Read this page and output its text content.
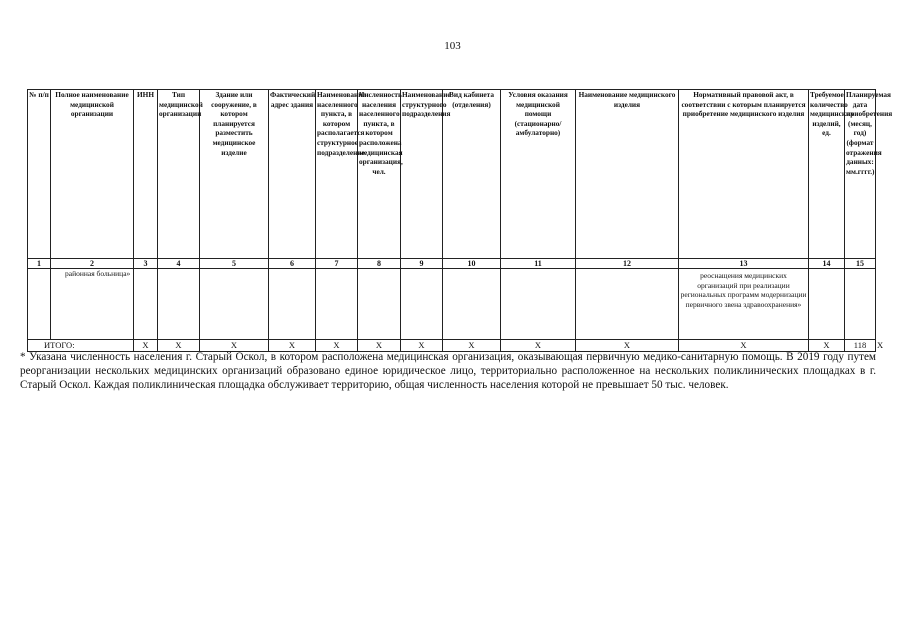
103
№ п/п	Полное наименование медицинской организации	ИНН	Тип медицинской организации	Здание или сооружение, в котором планируется разместить медицинское изделие	Фактический адрес здания	Наименование населенного пункта, в котором располагается структурное подразделение	Численность населения населенного пункта, в котором расположена медицинская организация, чел.	Наименование структурного подразделения	Вид кабинета (отделения)	Условия оказания медицинской помощи (стационарно/амбулаторно)	Наименование медицинского изделия	Нормативный правовой акт, в соответствии с которым планируется приобретение медицинского изделия	Требуемое количество медицинских изделий, ед.	Планируемая дата приобретения (месяц, год) (формат отражения данных: мм.гггг.)	
1	2	3	4	5	6	7	8	9	10	11	12	13	14	15	
	районная больница»											реоснащения медицинских организаций при реализации региональных программ модернизации первичного звена здравоохранения»			
ИТОГО:		Х	Х	Х	Х	Х	Х	Х	Х	Х	Х	Х	Х	118	Х
* Указана численность населения г. Старый Оскол, в котором расположена медицинская организация, оказывающая первичную медико-санитарную помощь. В 2019 году путем реорганизации нескольких медицинских организаций образовано единое юридическое лицо, территориально расположенное на нескольких поликлинических площадках в г. Старый Оскол. Каждая поликлиническая площадка обслуживает территорию, общая численность населения которой не превышает 50 тыс. человек.
